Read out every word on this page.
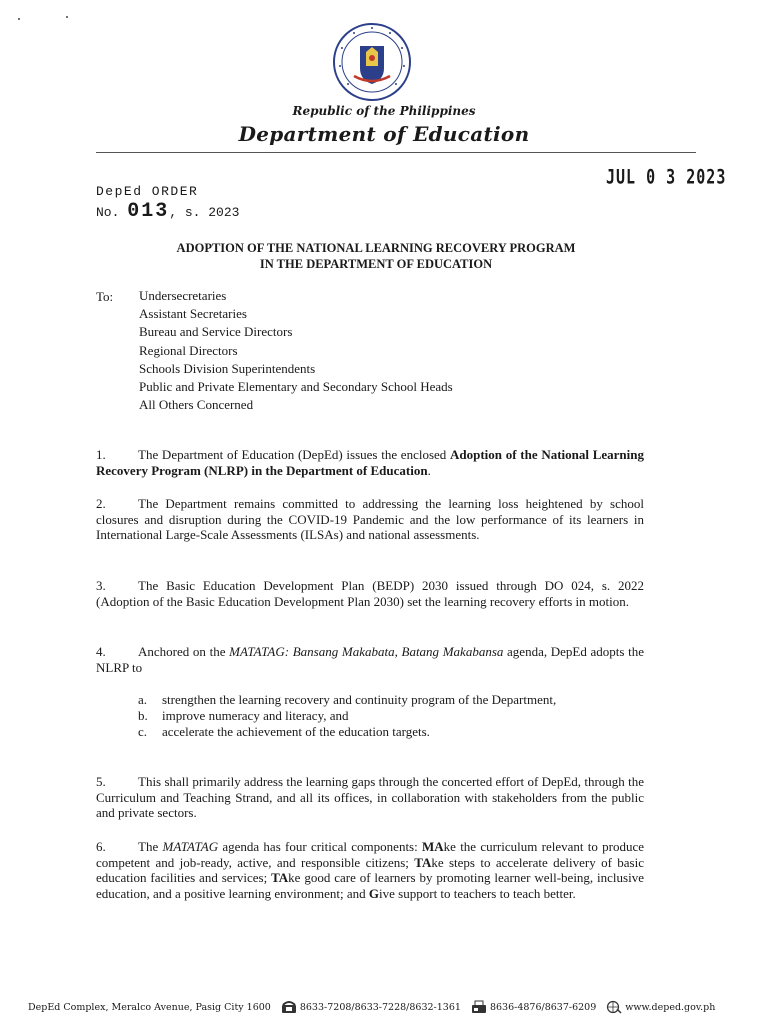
Republic of the Philippines
Department of Education
JUL 0 3 2023
DepEd ORDER
No. 013, s. 2023
ADOPTION OF THE NATIONAL LEARNING RECOVERY PROGRAM
IN THE DEPARTMENT OF EDUCATION
To: Undersecretaries
Assistant Secretaries
Bureau and Service Directors
Regional Directors
Schools Division Superintendents
Public and Private Elementary and Secondary School Heads
All Others Concerned

1. The Department of Education (DepEd) issues the enclosed Adoption of the National Learning Recovery Program (NLRP) in the Department of Education.

2. The Department remains committed to addressing the learning loss heightened by school closures and disruption during the COVID-19 Pandemic and the low performance of its learners in International Large-Scale Assessments (ILSAs) and national assessments.

3. The Basic Education Development Plan (BEDP) 2030 issued through DO 024, s. 2022 (Adoption of the Basic Education Development Plan 2030) set the learning recovery efforts in motion.

4. Anchored on the MATATAG: Bansang Makabata, Batang Makabansa agenda, DepEd adopts the NLRP to

a. strengthen the learning recovery and continuity program of the Department,
b. improve numeracy and literacy, and
c. accelerate the achievement of the education targets.

5. This shall primarily address the learning gaps through the concerted effort of DepEd, through the Curriculum and Teaching Strand, and all its offices, in collaboration with stakeholders from the public and private sectors.

6. The MATATAG agenda has four critical components: MAke the curriculum relevant to produce competent and job-ready, active, and responsible citizens; TAke steps to accelerate delivery of basic education facilities and services; TAke good care of learners by promoting learner well-being, inclusive education, and a positive learning environment; and Give support to teachers to teach better.

DepEd Complex, Meralco Avenue, Pasig City 1600	8633-7208/8633-7228/8632-1361	8636-4876/8637-6209	www.deped.gov.ph
